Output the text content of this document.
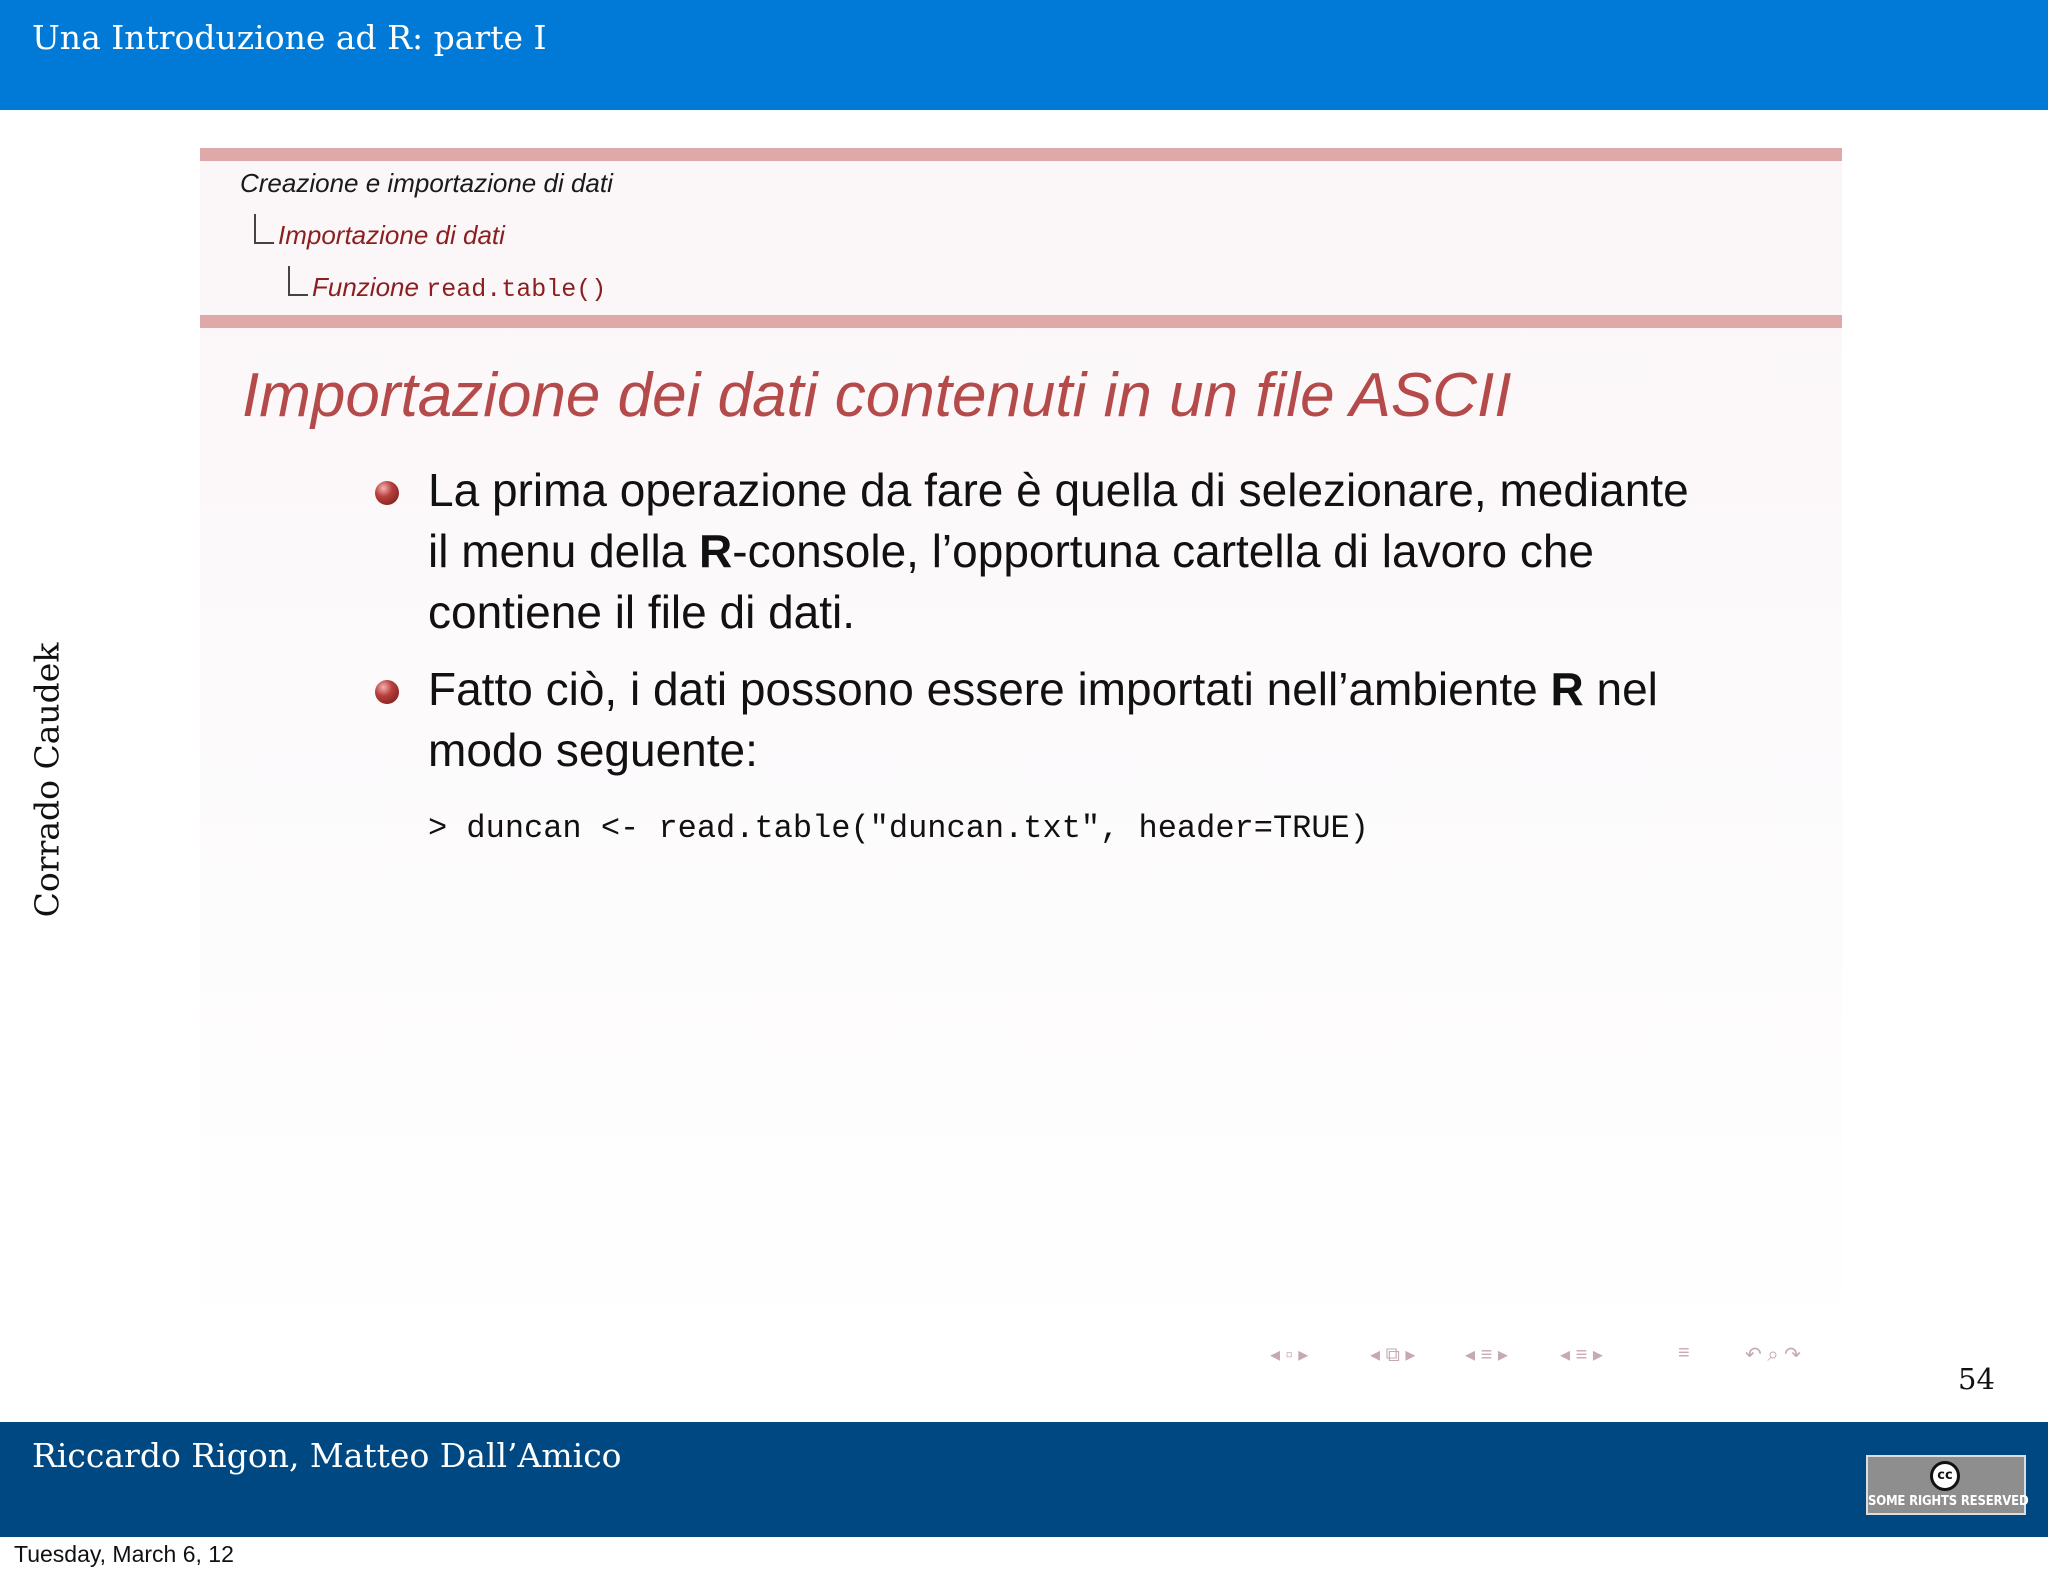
Una Introduzione ad R: parte I
Corrado Caudek
Creazione e importazione di dati
Importazione di dati
Funzione read.table()
Importazione dei dati contenuti in un file ASCII
La prima operazione da fare è quella di selezionare, mediante il menu della R-console, l’opportuna cartella di lavoro che contiene il file di dati.
Fatto ciò, i dati possono essere importati nell’ambiente R nel modo seguente:
> duncan <- read.table("duncan.txt", header=TRUE)
◂ ▫ ▸	◂ ⧉ ▸ ◂ ≡ ▸	◂ ≡ ▸	≡	↶ ⌕ ↷
54
Riccardo Rigon, Matteo Dall’Amico
cc
SOME RIGHTS RESERVED
Tuesday, March 6, 12
